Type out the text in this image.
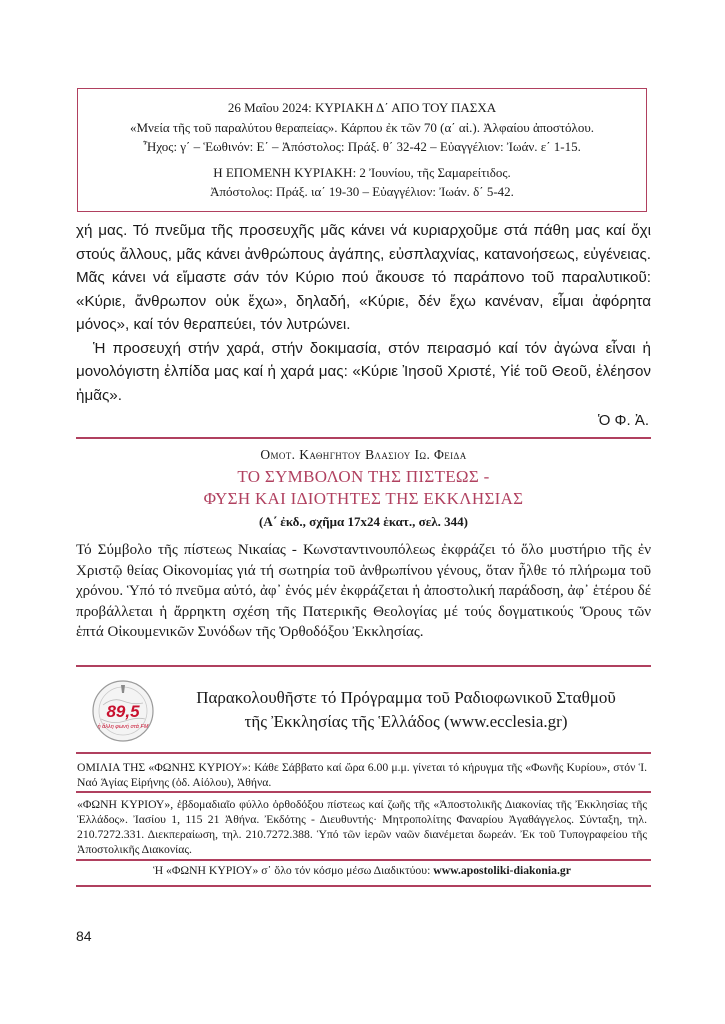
26 Μαΐου 2024: ΚΥΡΙΑΚΗ Δ΄ ΑΠΟ ΤΟΥ ΠΑΣΧΑ
«Μνεία τῆς τοῦ παραλύτου θεραπείας». Κάρπου ἐκ τῶν 70 (α΄ αἰ.). Ἀλφαίου ἀποστόλου.
Ἦχος: γ΄ – Ἑωθινόν: Ε΄ – Ἀπόστολος: Πράξ. θ΄ 32-42 – Εὐαγγέλιον: Ἰωάν. ε΄ 1-15.
Η ΕΠΟΜΕΝΗ ΚΥΡΙΑΚΗ: 2 Ἰουνίου, τῆς Σαμαρείτιδος.
Ἀπόστολος: Πράξ. ια΄ 19-30 – Εὐαγγέλιον: Ἰωάν. δ΄ 5-42.

χή μας. Τό πνεῦμα τῆς προσευχῆς μᾶς κάνει νά κυριαρχοῦμε στά πάθη μας καί ὄχι στούς ἄλλους, μᾶς κάνει ἀνθρώπους ἀγάπης, εὐσπλαχνίας, κατανοήσεως, εὐγένειας. Μᾶς κάνει νά εἴμαστε σάν τόν Κύριο πού ἄκουσε τό παράπονο τοῦ παραλυτικοῦ: «Κύριε, ἄνθρωπον οὐκ ἔχω», δηλαδή, «Κύριε, δέν ἔχω κανέναν, εἶμαι ἀφόρητα μόνος», καί τόν θεραπεύει, τόν λυτρώνει.

Ἡ προσευχή στήν χαρά, στήν δοκιμασία, στόν πειρασμό καί τόν ἀγώνα εἶναι ἡ μονολόγιστη ἐλπίδα μας καί ἡ χαρά μας: «Κύριε Ἰησοῦ Χριστέ, Υἱέ τοῦ Θεοῦ, ἐλέησον ἡμᾶς».

Ὁ Φ. Ἀ.
Ομοτ. Καθηγητου Βλασιου Ιω. Φειδα
ΤΟ ΣΥΜΒΟΛΟΝ ΤΗΣ ΠΙΣΤΕΩΣ -
ΦΥΣΗ ΚΑΙ ΙΔΙΟΤΗΤΕΣ ΤΗΣ ΕΚΚΛΗΣΙΑΣ
(Α΄ ἐκδ., σχῆμα 17x24 ἑκατ., σελ. 344)

Τό Σύμβολο τῆς πίστεως Νικαίας - Κωνσταντινουπόλεως ἐκφράζει τό ὅλο μυστήριο τῆς ἐν Χριστῷ θείας Οἰκονομίας γιά τή σωτηρία τοῦ ἀνθρωπίνου γένους, ὅταν ἦλθε τό πλήρωμα τοῦ χρόνου. Ὑπό τό πνεῦμα αὐτό, ἀφ᾽ ἑνός μέν ἐκφράζεται ἡ ἀποστολική παράδοση, ἀφ᾽ ἑτέρου δέ προβάλλεται ἡ ἄρρηκτη σχέση τῆς Πατερικῆς Θεολογίας μέ τούς δογματικούς Ὅρους τῶν ἑπτά Οἰκουμενικῶν Συνόδων τῆς Ὀρθοδόξου Ἐκκλησίας.

89,5
ἡ ἄλλη φωνή στά FM
Παρακολουθῆστε τό Πρόγραμμα τοῦ Ραδιοφωνικοῦ Σταθμοῦ
τῆς Ἐκκλησίας τῆς Ἑλλάδος (www.ecclesia.gr)

ΟΜΙΛΙΑ ΤΗΣ «ΦΩΝΗΣ ΚΥΡΙΟΥ»: Κάθε Σάββατο καί ὥρα 6.00 μ.μ. γίνεται τό κήρυγμα τῆς «Φωνῆς Κυρίου», στόν Ἱ. Ναό Ἁγίας Εἰρήνης (ὁδ. Αἰόλου), Ἀθήνα.

«ΦΩΝΗ ΚΥΡΙΟΥ», ἑβδομαδιαῖο φύλλο ὀρθοδόξου πίστεως καί ζωῆς τῆς «Ἀποστολικῆς Διακονίας τῆς Ἐκκλησίας τῆς Ἑλλάδος». Ἰασίου 1, 115 21 Ἀθήνα. Ἐκδότης - Διευθυντής· Μητροπολίτης Φαναρίου Ἀγαθάγγελος. Σύνταξη, τηλ. 210.7272.331. Διεκπεραίωση, τηλ. 210.7272.388. Ὑπό τῶν ἱερῶν ναῶν διανέμεται δωρεάν. Ἐκ τοῦ Τυπογραφείου τῆς Ἀποστολικῆς Διακονίας.

Ἡ «ΦΩΝΗ ΚΥΡΙΟΥ» σ᾽ ὅλο τόν κόσμο μέσω Διαδικτύου: www.apostoliki-diakonia.gr
84
